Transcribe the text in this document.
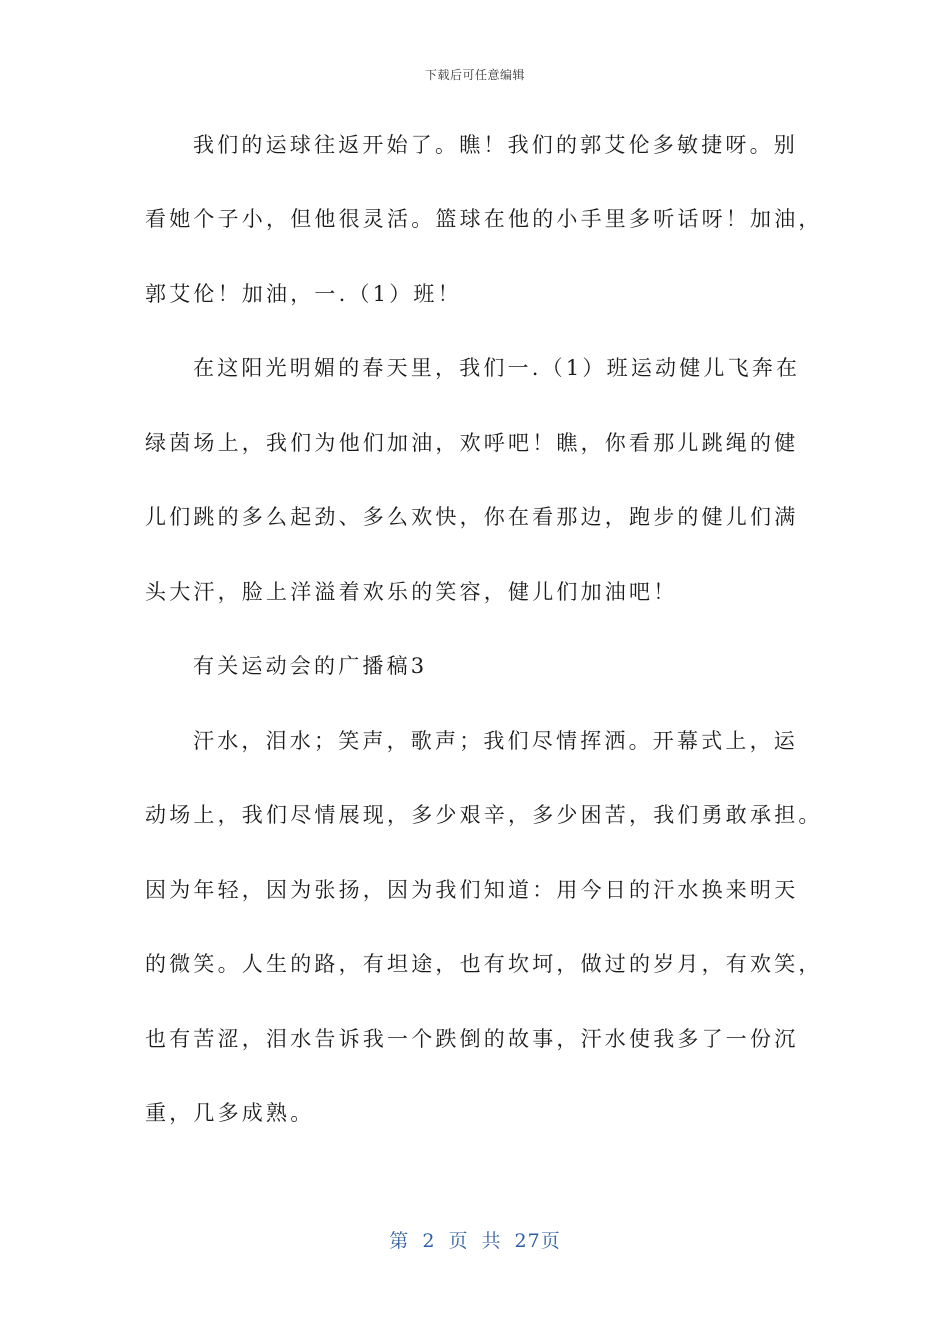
下载后可任意编辑
我们的运球往返开始了。瞧！我们的郭艾伦多敏捷呀。别
看她个子小，但他很灵活。篮球在他的小手里多听话呀！加油，
郭艾伦！加油，一.（1）班！
在这阳光明媚的春天里，我们一.（1）班运动健儿飞奔在
绿茵场上，我们为他们加油，欢呼吧！瞧，你看那儿跳绳的健
儿们跳的多么起劲、多么欢快，你在看那边，跑步的健儿们满
头大汗，脸上洋溢着欢乐的笑容，健儿们加油吧！
有关运动会的广播稿3
汗水，泪水；笑声，歌声；我们尽情挥洒。开幕式上，运
动场上，我们尽情展现，多少艰辛，多少困苦，我们勇敢承担。
因为年轻，因为张扬，因为我们知道：用今日的汗水换来明天
的微笑。人生的路，有坦途，也有坎坷，做过的岁月，有欢笑，
也有苦涩，泪水告诉我一个跌倒的故事，汗水使我多了一份沉
重，几多成熟。
第 2 页 共 27页
